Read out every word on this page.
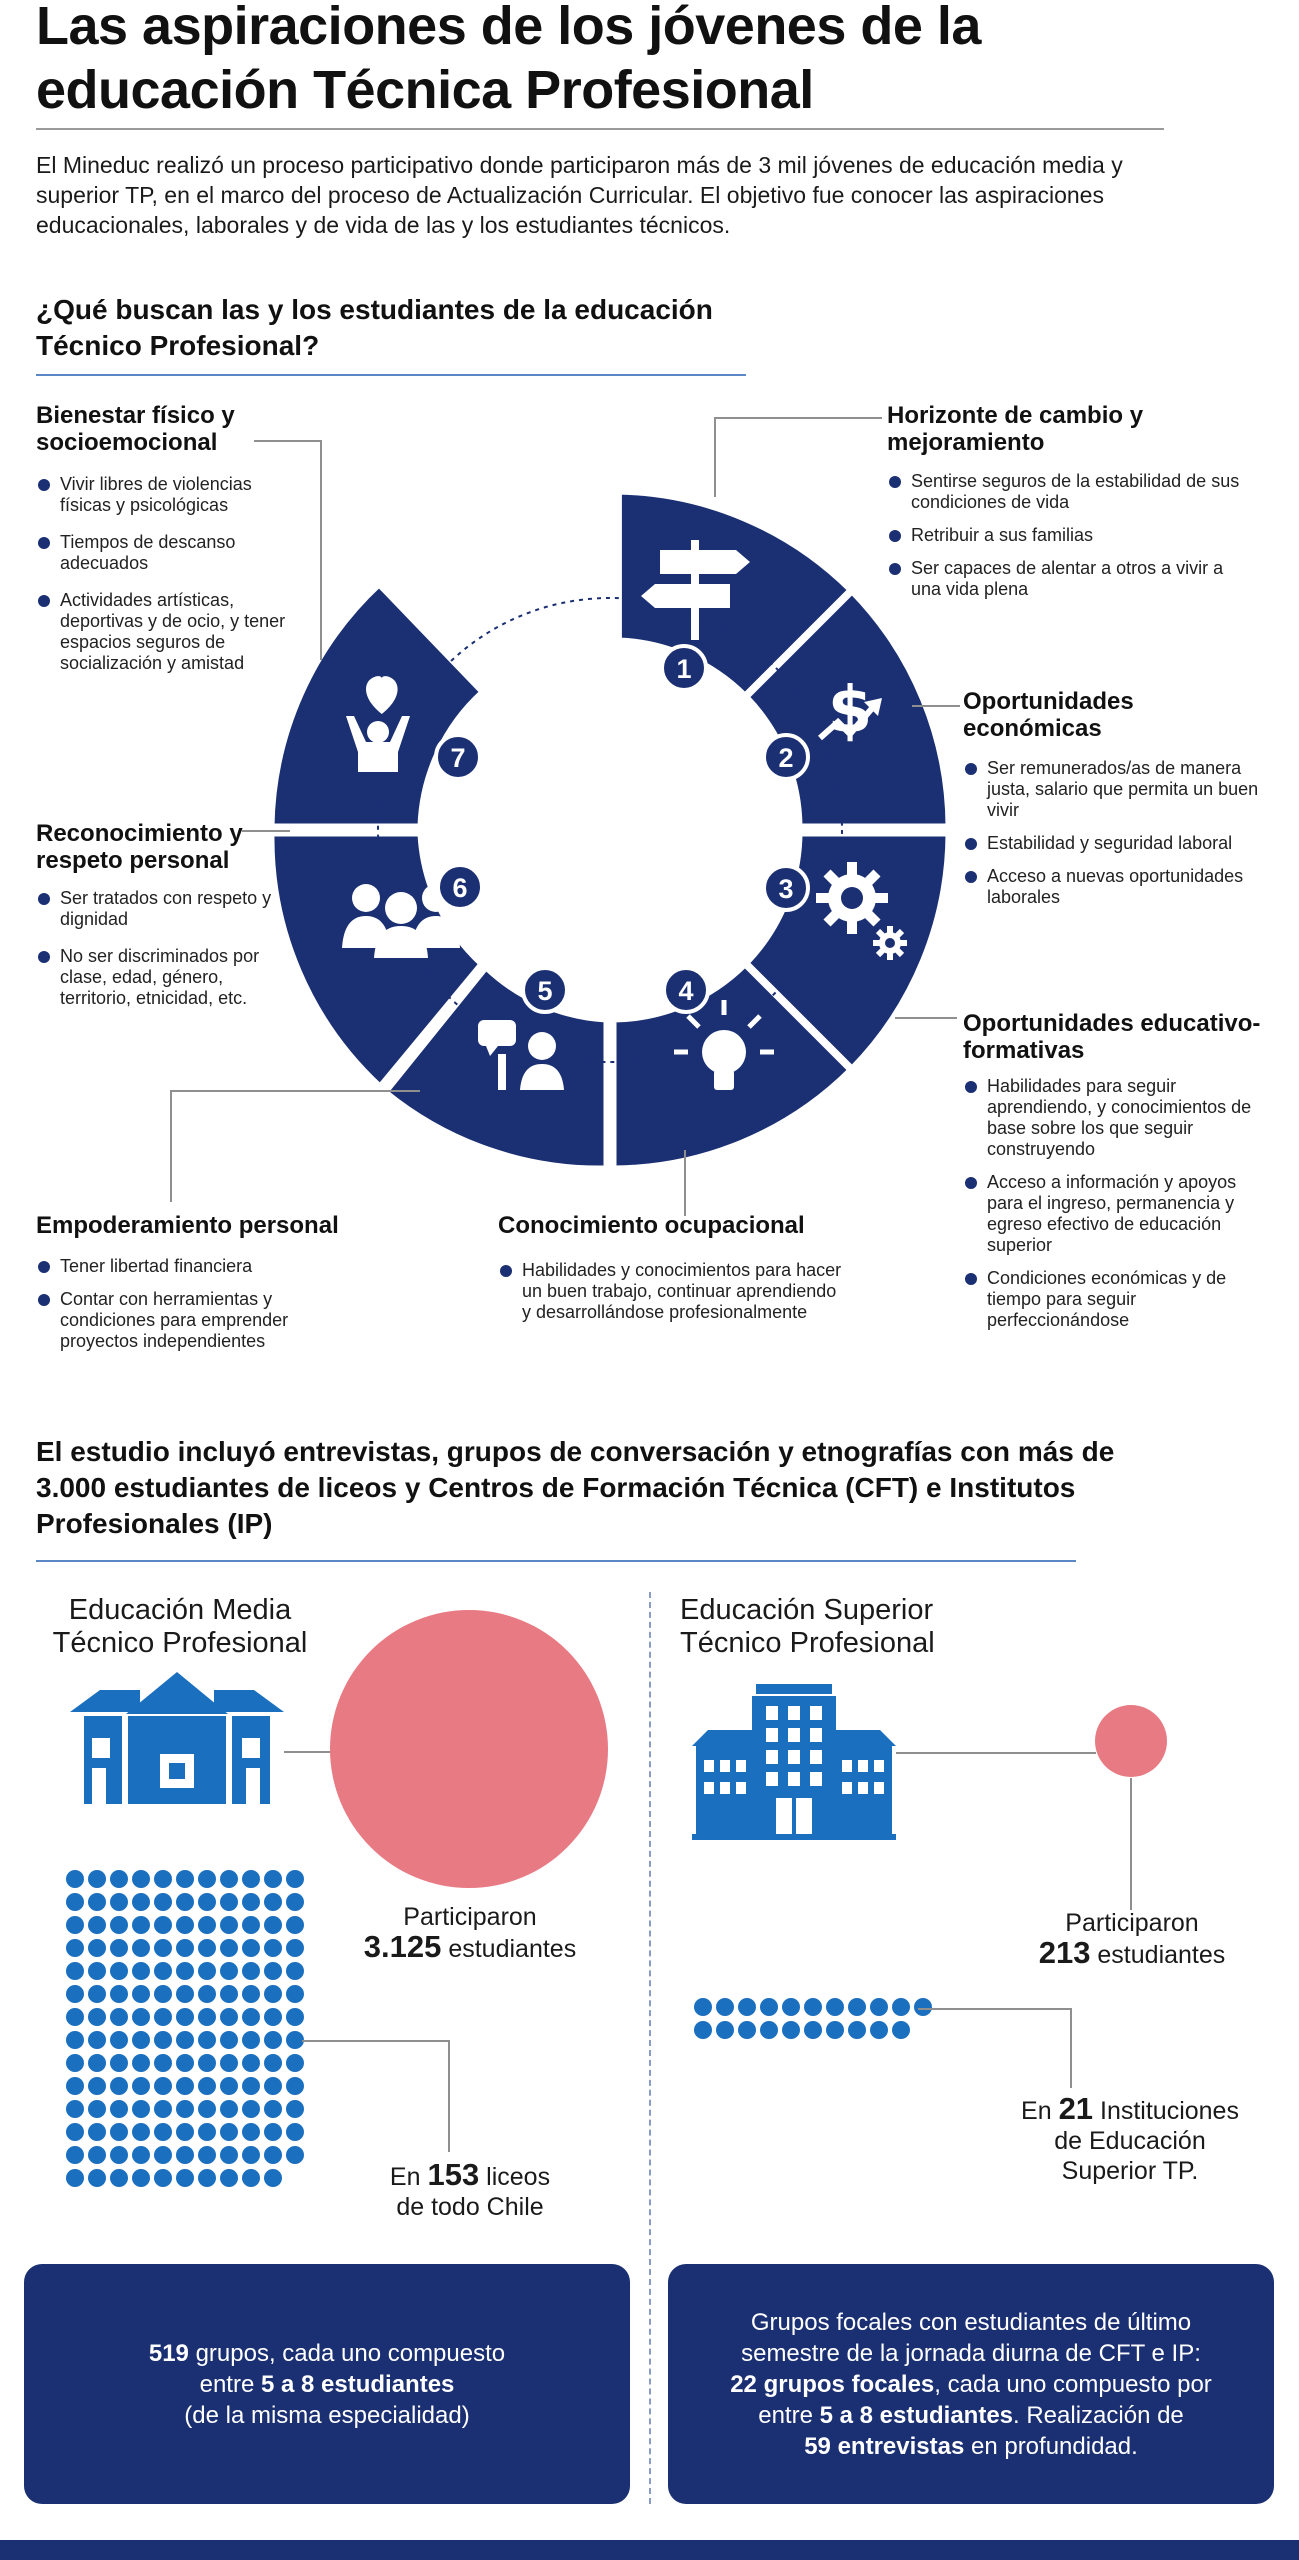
Las aspiraciones de los jóvenes de la educación Técnica Profesional

El Mineduc realizó un proceso participativo donde participaron más de 3 mil jóvenes de educación media y superior TP, en el marco del proceso de Actualización Curricular. El objetivo fue conocer las aspiraciones educacionales, laborales y de vida de las y los estudiantes técnicos.

¿Qué buscan las y los estudiantes de la educación Técnico Profesional?
$
1
2
3
4
5
6
7
Bienestar físico y socioemocional
Vivir libres de violencias físicas y psicológicas
Tiempos de descanso adecuados
Actividades artísticas, deportivas y de ocio, y tener espacios seguros de socialización y amistad
Horizonte de cambio y mejoramiento
Sentirse seguros de la estabilidad de sus condiciones de vida
Retribuir a sus familias
Ser capaces de alentar a otros a vivir a una vida plena
Oportunidades económicas
Ser remunerados/as de manera justa, salario que permita un buen vivir
Estabilidad y seguridad laboral
Acceso a nuevas oportunidades laborales
Reconocimiento y respeto personal
Ser tratados con respeto y dignidad
No ser discriminados por clase, edad, género, territorio, etnicidad, etc.
Oportunidades educativo-formativas
Habilidades para seguir aprendiendo, y conocimientos de base sobre los que seguir construyendo
Acceso a información y apoyos para el ingreso, permanencia y egreso efectivo de educación superior
Condiciones económicas y de tiempo para seguir perfeccionándose
Empoderamiento personal
Tener libertad financiera
Contar con herramientas y condiciones para emprender proyectos independientes
Conocimiento ocupacional
Habilidades y conocimientos para hacer un buen trabajo, continuar aprendiendo y desarrollándose profesionalmente
El estudio incluyó entrevistas, grupos de conversación y etnografías con más de 3.000 estudiantes de liceos y Centros de Formación Técnica (CFT) e Institutos Profesionales (IP)
Educación Media Técnico Profesional
Participaron
3.125 estudiantes
En 153 liceos
de todo Chile
519 grupos, cada uno compuesto
entre 5 a 8 estudiantes
(de la misma especialidad)
Educación Superior Técnico Profesional
Participaron
213 estudiantes
En 21 Instituciones
de Educación
Superior TP.
Grupos focales con estudiantes de último
semestre de la jornada diurna de CFT e IP:
22 grupos focales, cada uno compuesto por
entre 5 a 8 estudiantes. Realización de
59 entrevistas en profundidad.
